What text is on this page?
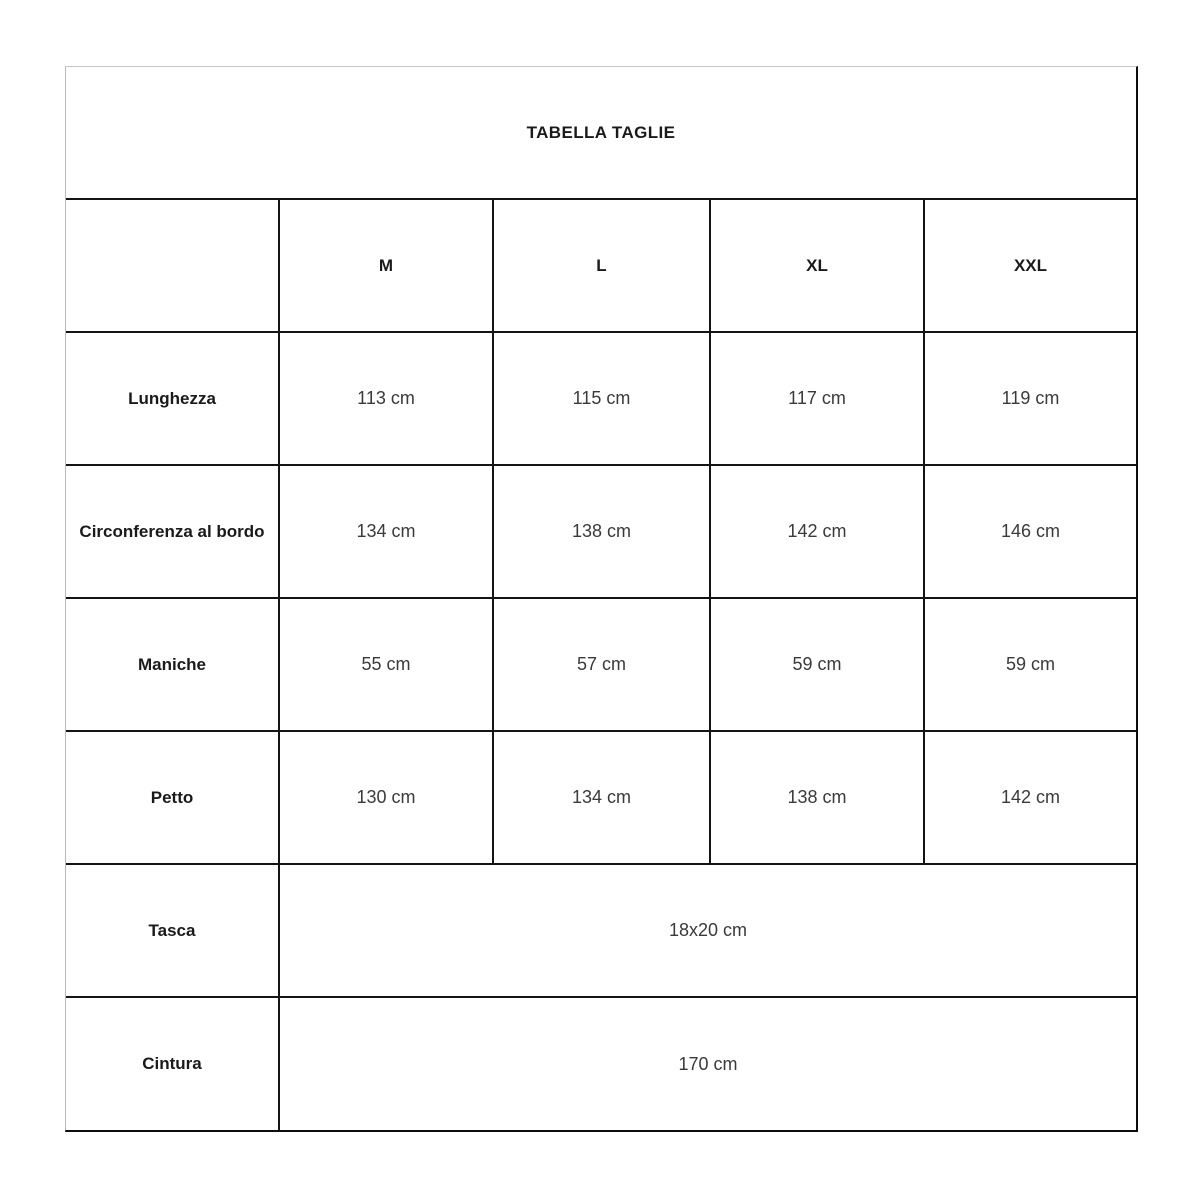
TABELLA TAGLIE				
	M	L	XL	XXL
Lunghezza	113 cm	115 cm	117 cm	119 cm
Circonferenza al bordo	134 cm	138 cm	142 cm	146 cm
Maniche	55 cm	57 cm	59 cm	59 cm
Petto	130 cm	134 cm	138 cm	142 cm
Tasca	18x20 cm			
Cintura	170 cm			
